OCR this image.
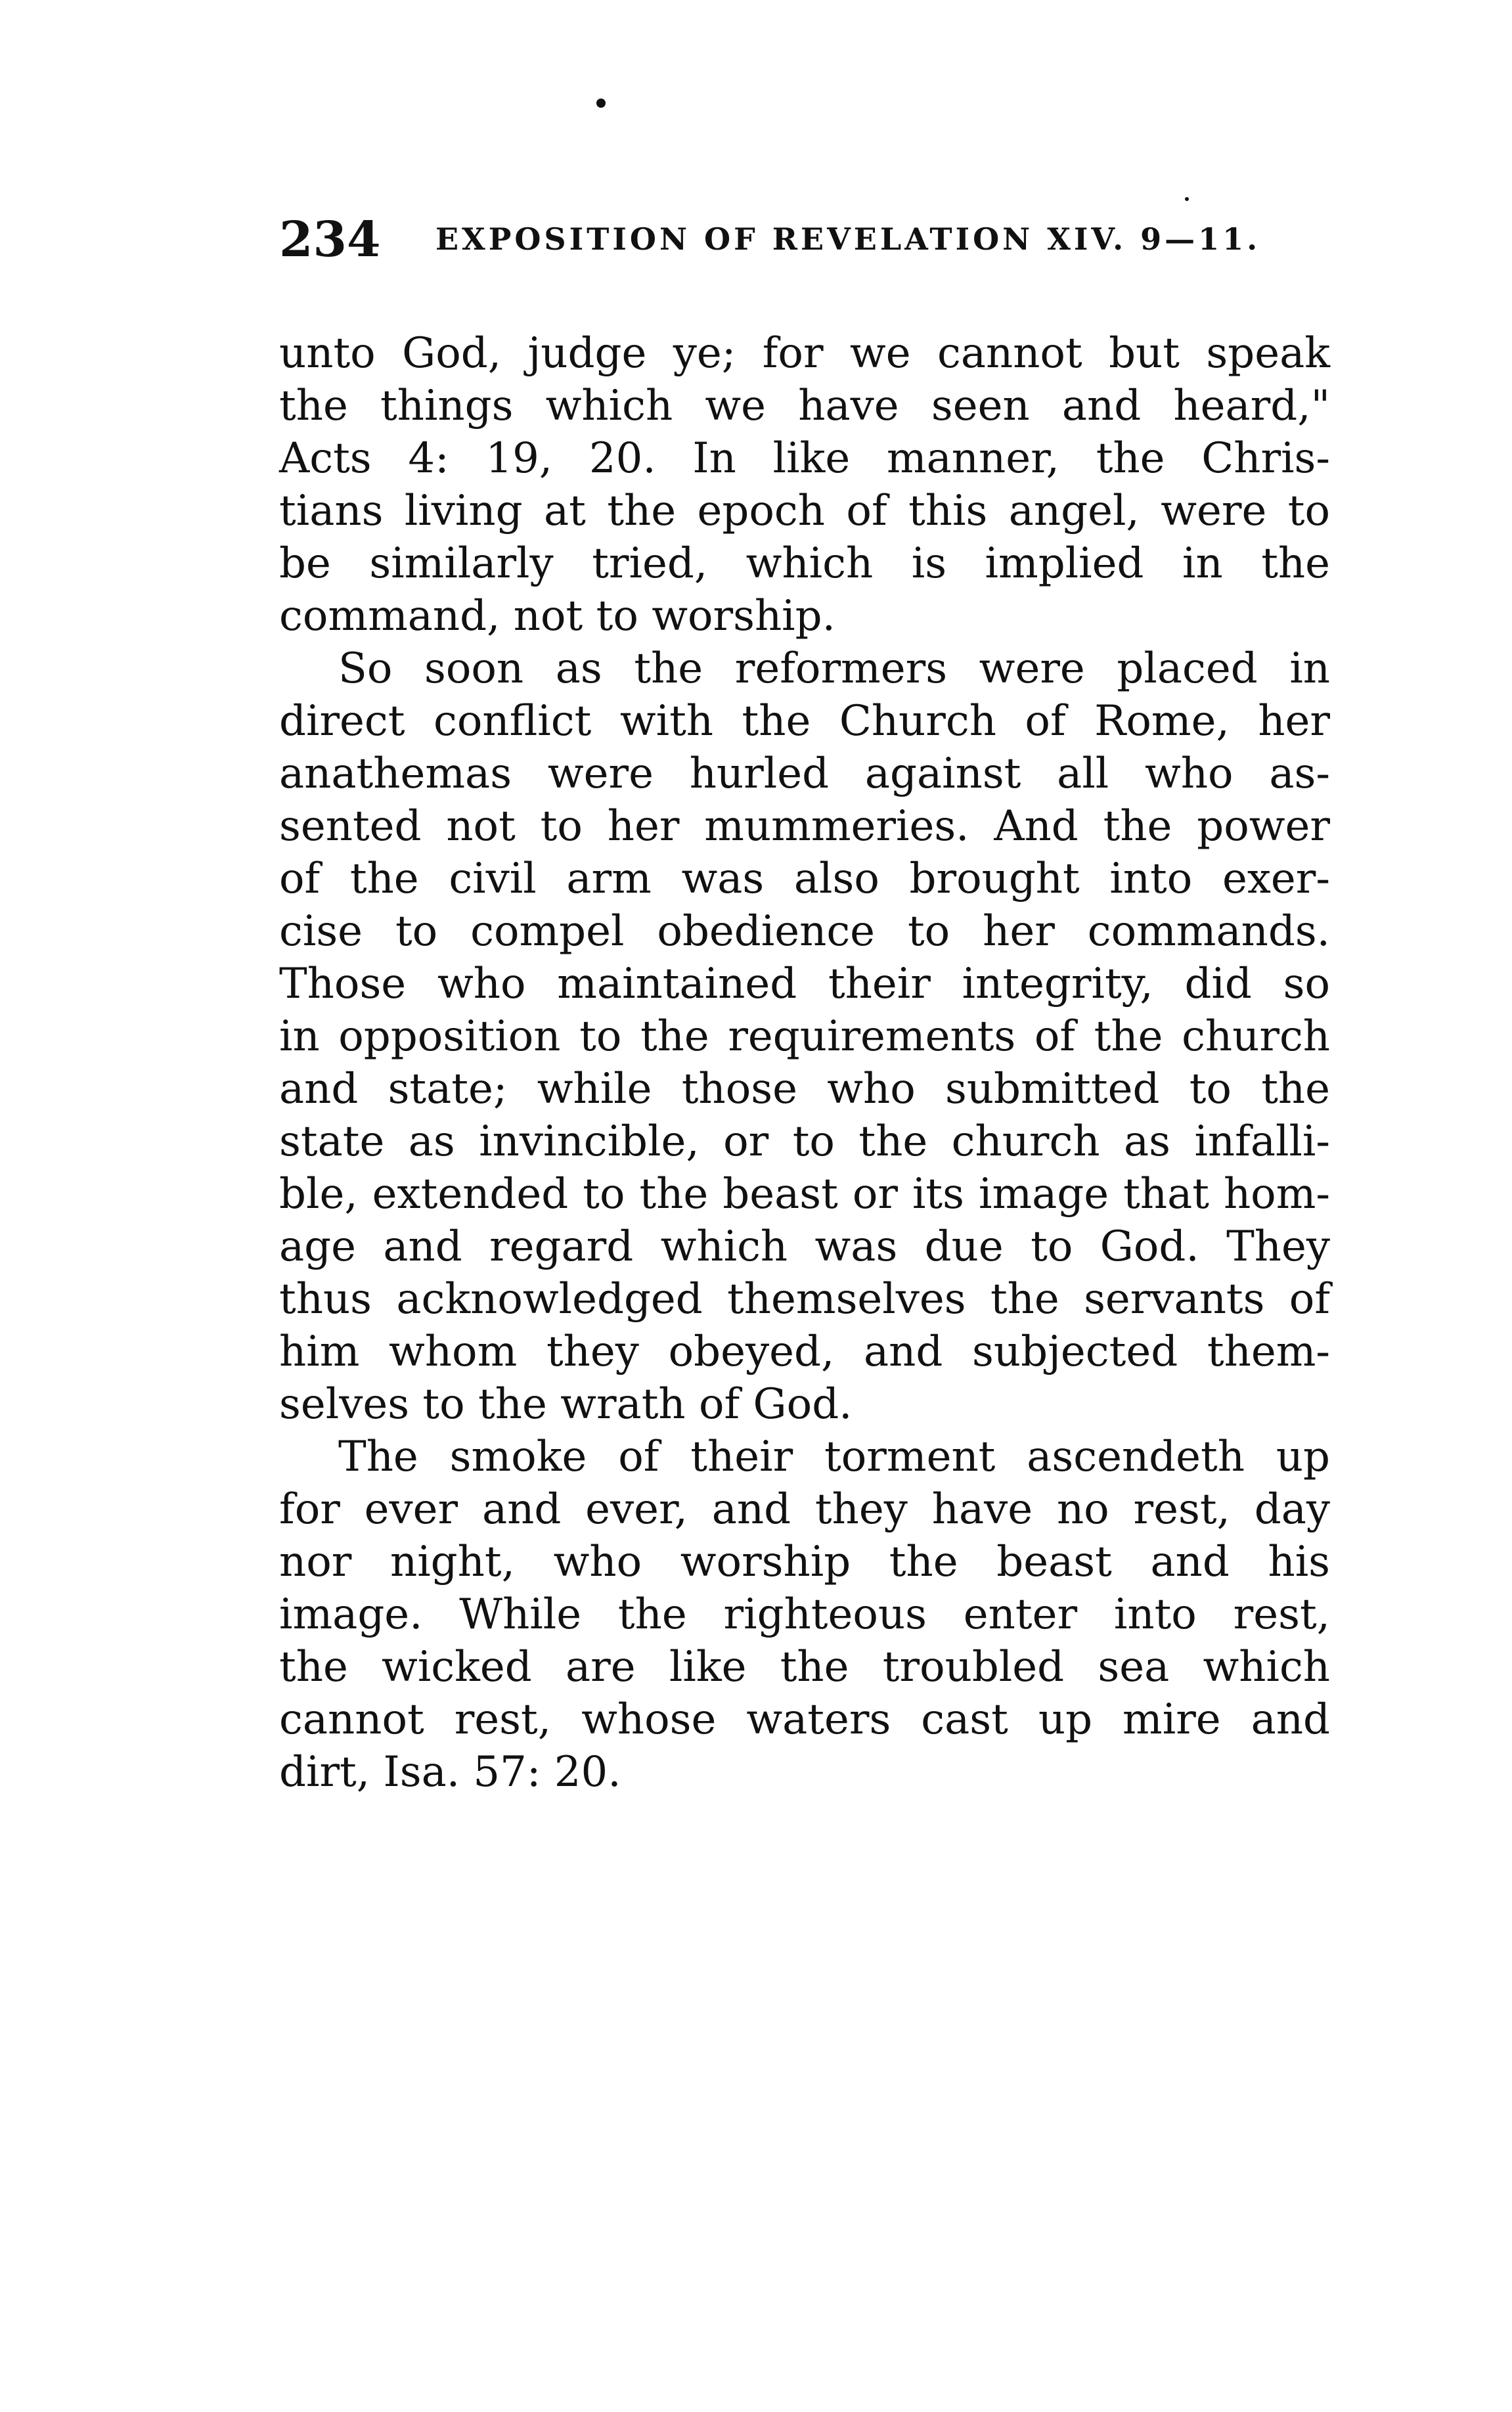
234 EXPOSITION OF REVELATION XIV. 9—11.
unto God, judge ye; for we cannot but speak
the things which we have seen and heard,"
Acts 4: 19, 20. In like manner, the Chris-
tians living at the epoch of this angel, were to
be similarly tried, which is implied in the
command, not to worship.
So soon as the reformers were placed in
direct conflict with the Church of Rome, her
anathemas were hurled against all who as-
sented not to her mummeries. And the power
of the civil arm was also brought into exer-
cise to compel obedience to her commands.
Those who maintained their integrity, did so
in opposition to the requirements of the church
and state; while those who submitted to the
state as invincible, or to the church as infalli-
ble, extended to the beast or its image that hom-
age and regard which was due to God. They
thus acknowledged themselves the servants of
him whom they obeyed, and subjected them-
selves to the wrath of God.
The smoke of their torment ascendeth up
for ever and ever, and they have no rest, day
nor night, who worship the beast and his
image. While the righteous enter into rest,
the wicked are like the troubled sea which
cannot rest, whose waters cast up mire and
dirt, Isa. 57: 20.
